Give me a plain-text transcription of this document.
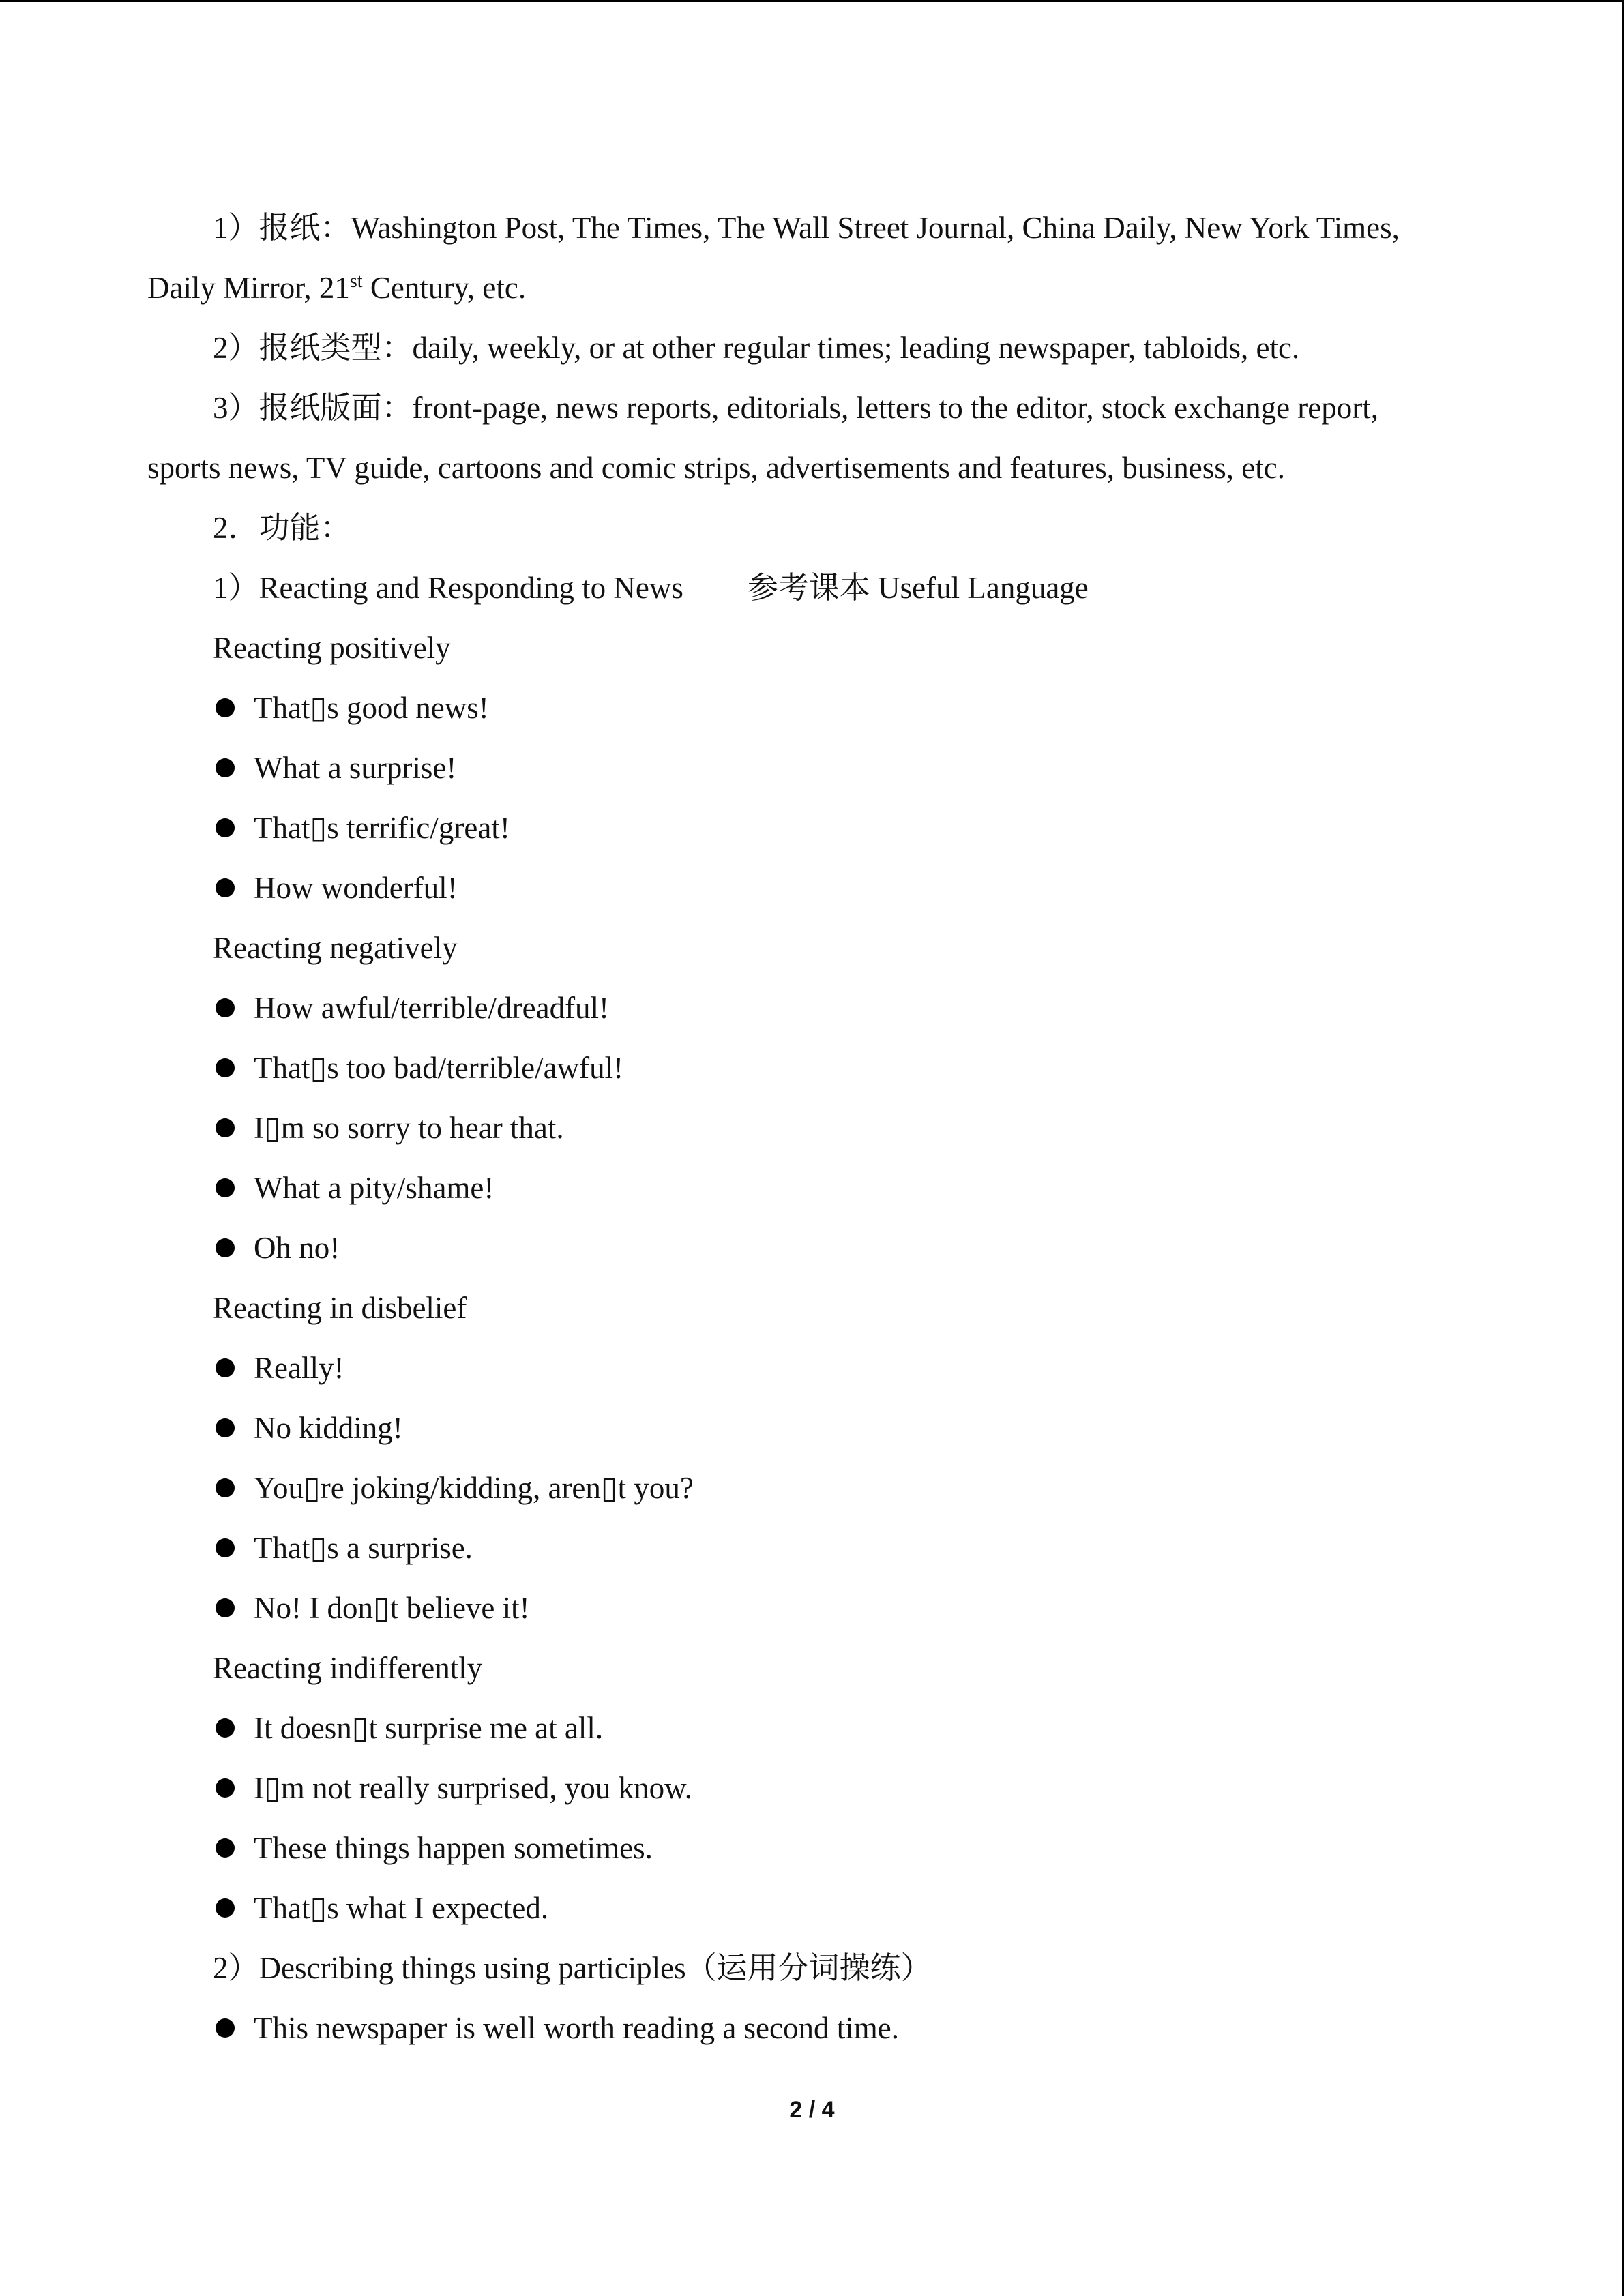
1）报纸：Washington Post, The Times, The Wall Street Journal, China Daily, New York Times,
Daily Mirror, 21st Century, etc.
2）报纸类型：daily, weekly, or at other regular times; leading newspaper, tabloids, etc.
3）报纸版面：front-page, news reports, editorials, letters to the editor, stock exchange report,
sports news, TV guide, cartoons and comic strips, advertisements and features, business, etc.
2．功能：
1）Reacting and Responding to News 参考课本 Useful Language
Reacting positively
That▯s good news!
What a surprise!
That▯s terrific/great!
How wonderful!
Reacting negatively
How awful/terrible/dreadful!
That▯s too bad/terrible/awful!
I▯m so sorry to hear that.
What a pity/shame!
Oh no!
Reacting in disbelief
Really!
No kidding!
You▯re joking/kidding, aren▯t you?
That▯s a surprise.
No! I don▯t believe it!
Reacting indifferently
It doesn▯t surprise me at all.
I▯m not really surprised, you know.
These things happen sometimes.
That▯s what I expected.
2）Describing things using participles（运用分词操练）
This newspaper is well worth reading a second time.
2 / 4
